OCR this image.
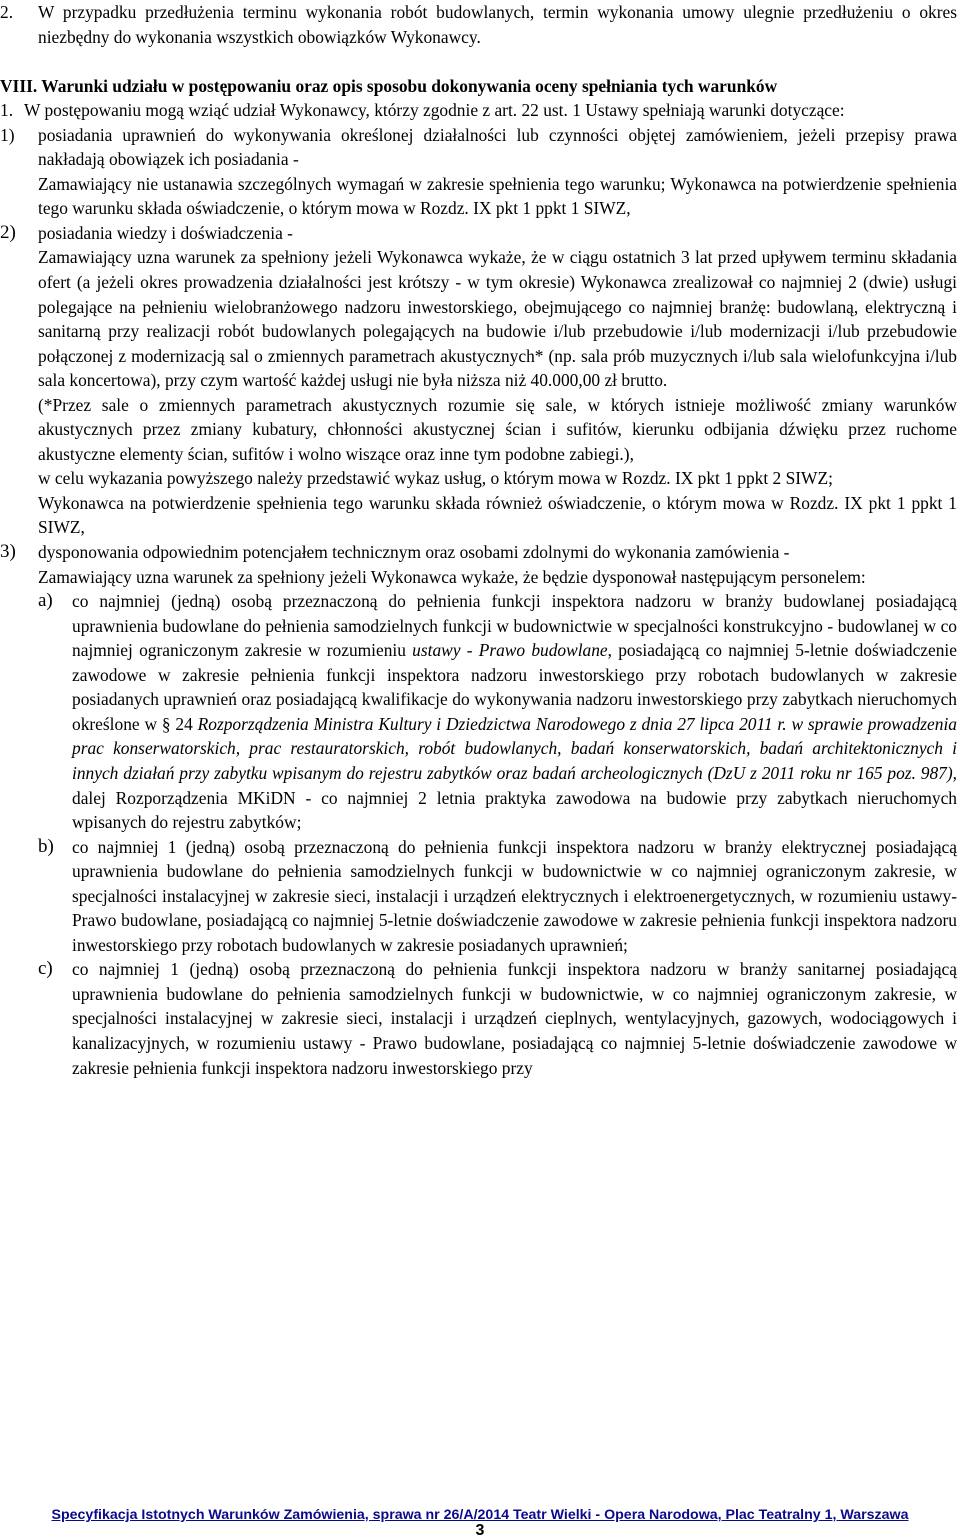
2. W przypadku przedłużenia terminu wykonania robót budowlanych, termin wykonania umowy ulegnie przedłużeniu o okres niezbędny do wykonania wszystkich obowiązków Wykonawcy.
VIII. Warunki udziału w postępowaniu oraz opis sposobu dokonywania oceny spełniania tych warunków
1. W postępowaniu mogą wziąć udział Wykonawcy, którzy zgodnie z art. 22 ust. 1 Ustawy spełniają warunki dotyczące:
1) posiadania uprawnień do wykonywania określonej działalności lub czynności objętej zamówieniem, jeżeli przepisy prawa nakładają obowiązek ich posiadania -
Zamawiający nie ustanawia szczególnych wymagań w zakresie spełnienia tego warunku; Wykonawca na potwierdzenie spełnienia tego warunku składa oświadczenie, o którym mowa w Rozdz. IX pkt 1 ppkt 1 SIWZ,
2) posiadania wiedzy i doświadczenia -
Zamawiający uzna warunek za spełniony jeżeli Wykonawca wykaże, że w ciągu ostatnich 3 lat przed upływem terminu składania ofert (a jeżeli okres prowadzenia działalności jest krótszy - w tym okresie) Wykonawca zrealizował co najmniej 2 (dwie) usługi polegające na pełnieniu wielobranżowego nadzoru inwestorskiego, obejmującego co najmniej branżę: budowlaną, elektryczną i sanitarną przy realizacji robót budowlanych polegających na budowie i/lub przebudowie i/lub modernizacji i/lub przebudowie połączonej z modernizacją sal o zmiennych parametrach akustycznych* (np. sala prób muzycznych i/lub sala wielofunkcyjna i/lub sala koncertowa), przy czym wartość każdej usługi nie była niższa niż 40.000,00 zł brutto.
(*Przez sale o zmiennych parametrach akustycznych rozumie się sale, w których istnieje możliwość zmiany warunków akustycznych przez zmiany kubatury, chłonności akustycznej ścian i sufitów, kierunku odbijania dźwięku przez ruchome akustyczne elementy ścian, sufitów i wolno wiszące oraz inne tym podobne zabiegi.),
w celu wykazania powyższego należy przedstawić wykaz usług, o którym mowa w Rozdz. IX pkt 1 ppkt 2 SIWZ;
Wykonawca na potwierdzenie spełnienia tego warunku składa również oświadczenie, o którym mowa w Rozdz. IX pkt 1 ppkt 1 SIWZ,
3) dysponowania odpowiednim potencjałem technicznym oraz osobami zdolnymi do wykonania zamówienia -
Zamawiający uzna warunek za spełniony jeżeli Wykonawca wykaże, że będzie dysponował następującym personelem:
a) co najmniej (jedną) osobą przeznaczoną do pełnienia funkcji inspektora nadzoru w branży budowlanej posiadającą uprawnienia budowlane do pełnienia samodzielnych funkcji w budownictwie w specjalności konstrukcyjno - budowlanej w co najmniej ograniczonym zakresie w rozumieniu ustawy - Prawo budowlane, posiadającą co najmniej 5-letnie doświadczenie zawodowe w zakresie pełnienia funkcji inspektora nadzoru inwestorskiego przy robotach budowlanych w zakresie posiadanych uprawnień oraz posiadającą kwalifikacje do wykonywania nadzoru inwestorskiego przy zabytkach nieruchomych określone w § 24 Rozporządzenia Ministra Kultury i Dziedzictwa Narodowego z dnia 27 lipca 2011 r. w sprawie prowadzenia prac konserwatorskich, prac restauratorskich, robót budowlanych, badań konserwatorskich, badań architektonicznych i innych działań przy zabytku wpisanym do rejestru zabytków oraz badań archeologicznych (DzU z 2011 roku nr 165 poz. 987), dalej Rozporządzenia MKiDN - co najmniej 2 letnia praktyka zawodowa na budowie przy zabytkach nieruchomych wpisanych do rejestru zabytków;
b) co najmniej 1 (jedną) osobą przeznaczoną do pełnienia funkcji inspektora nadzoru w branży elektrycznej posiadającą uprawnienia budowlane do pełnienia samodzielnych funkcji w budownictwie w co najmniej ograniczonym zakresie, w specjalności instalacyjnej w zakresie sieci, instalacji i urządzeń elektrycznych i elektroenergetycznych, w rozumieniu ustawy-Prawo budowlane, posiadającą co najmniej 5-letnie doświadczenie zawodowe w zakresie pełnienia funkcji inspektora nadzoru inwestorskiego przy robotach budowlanych w zakresie posiadanych uprawnień;
c) co najmniej 1 (jedną) osobą przeznaczoną do pełnienia funkcji inspektora nadzoru w branży sanitarnej posiadającą uprawnienia budowlane do pełnienia samodzielnych funkcji w budownictwie, w co najmniej ograniczonym zakresie, w specjalności instalacyjnej w zakresie sieci, instalacji i urządzeń cieplnych, wentylacyjnych, gazowych, wodociągowych i kanalizacyjnych, w rozumieniu ustawy - Prawo budowlane, posiadającą co najmniej 5-letnie doświadczenie zawodowe w zakresie pełnienia funkcji inspektora nadzoru inwestorskiego przy
Specyfikacja Istotnych Warunków Zamówienia, sprawa nr 26/A/2014 Teatr Wielki - Opera Narodowa, Plac Teatralny 1, Warszawa
3
